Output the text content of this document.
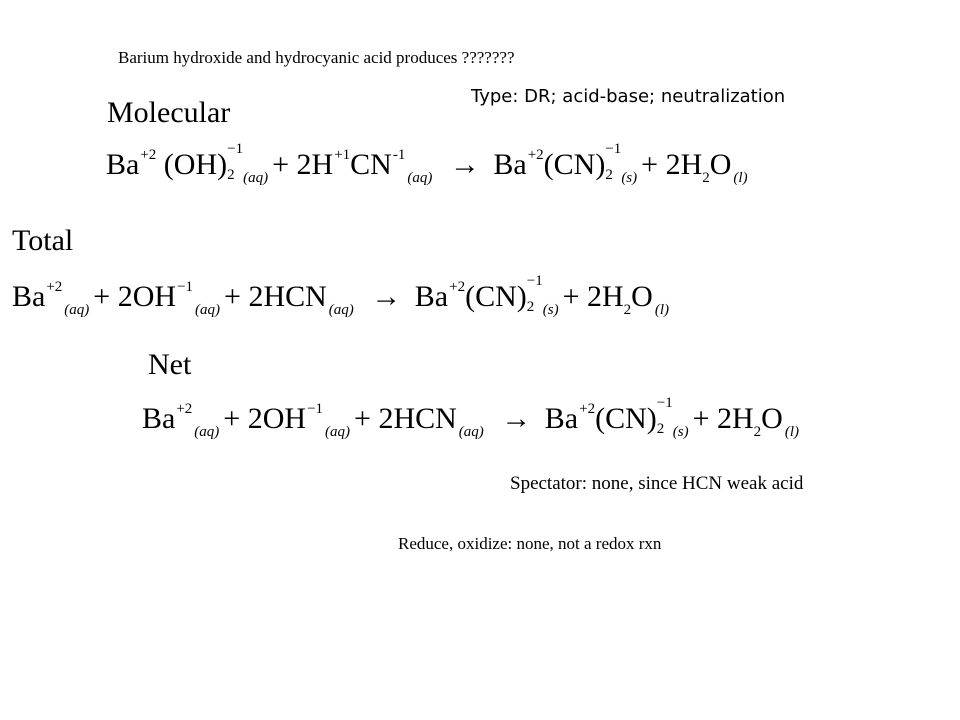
Barium hydroxide and hydrocyanic acid produces ???????
Type: DR; acid-base; neutralization
Molecular
$Ba^{+2}$ (OH) −1
2 $_{(aq)} + 2H^{+1}CN^{-1}_{(aq)} \to Ba^{+2}(CN) -1$
2 $_{(s)} + 2H_2O$ $_{(l)}$
Total
$Ba^{+2}_{(aq)} + 2OH^{-1}_{(aq)} + 2HCN$ $_{(aq)} \to Ba^{+2}(CN) -1$
2 $_{(s)} + 2H_2O$ $_{(l)}$
Net
$Ba^{+2}_{(aq)} + 2OH^{-1}_{(aq)} + 2HCN$ $_{(aq)} \to Ba^{+2}(CN) -1$
2 $_{(s)} + 2H_2O$ $_{(l)}$
Spectator: none, since HCN weak acid
Reduce, oxidize: none, not a redox rxn
